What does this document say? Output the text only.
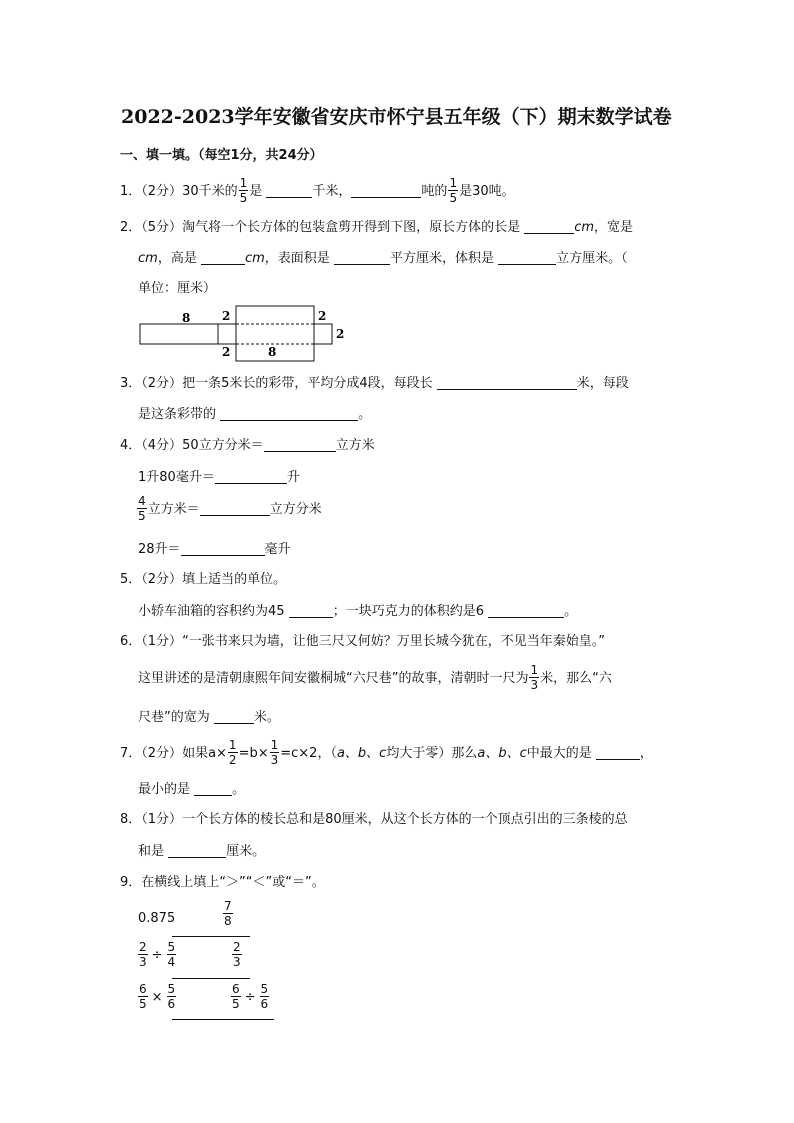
2022-2023学年安徽省安庆市怀宁县五年级（下）期末数学试卷
一、填一填。（每空1分，共24分）
1．（2分）30千米的 $\frac{1}{5}$ 是	千米，	吨的 $\frac{1}{5}$ 是30吨。
2．（5分）淘气将一个长方体的包装盒剪开得到下图，原长方体的长是	cm，宽是
cm，高是	cm，表面积是	平方厘米，体积是	立方厘米。（
单位：厘米）
8	2
2
2
2
8
3．（2分）把一条5米长的彩带，平均分成4段，每段长	米，每段
是这条彩带的	。
4．（4分）50立方分米＝	立方米
1升80毫升＝	升
$\frac{4}{5}$ 立方米＝	立方分米
28升＝	毫升
5．（2分）填上适当的单位。
小轿车油箱的容积约为45	；一块巧克力的体积约是6	。
6．（1分）“一张书来只为墙，让他三尺又何妨？万里长城今犹在，不见当年秦始皇。”
这里讲述的是清朝康熙年间安徽桐城“六尺巷”的故事，清朝时一尺为 $\frac{1}{3}$ 米，那么“六
尺巷”的宽为	米。
7．（2分）如果$a\times \frac{1}{2} =b\times \frac{1}{3} =c\times 2$，（a、b、c均大于零）那么a、b、c中最大的是	，
最小的是	。
8．（1分）一个长方体的棱长总和是80厘米，从这个长方体的一个顶点引出的三条棱的总
和是	厘米。
9．在横线上填上“＞”“＜”或“＝”。
0.875	$\frac{7}{8}$
$\frac{2}{3} \div \frac{5}{4}$	$\frac{2}{3}$
$\frac{6}{5} \times \frac{5}{6}$	$\frac{6}{5} \div \frac{5}{6}$
